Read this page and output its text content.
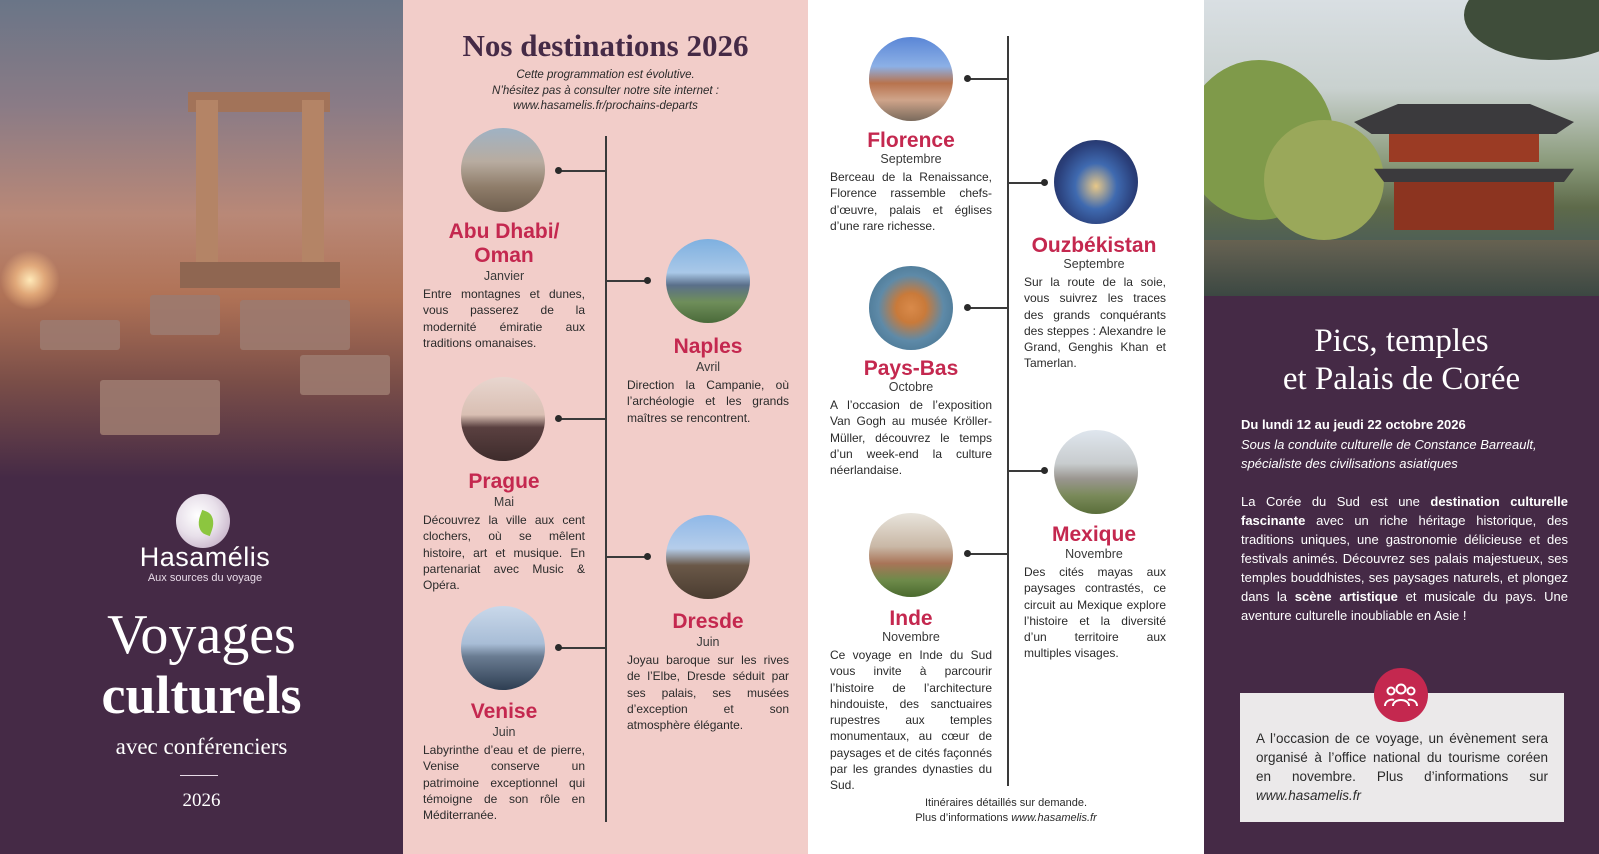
Hasamélis
Aux sources du voyage
Voyages
culturels
avec conférenciers
2026
Nos destinations 2026
Cette programmation est évolutive.
N’hésitez pas à consulter notre site internet :
www.hasamelis.fr/prochains-departs
Abu Dhabi/ Oman
Janvier
Entre montagnes et dunes, vous passerez de la modernité émiratie aux traditions omanaises.	Naples
Avril
Direction la Campanie, où l’archéologie et les grands maîtres se rencontrent.
Prague
Mai
Découvrez la ville aux cent clochers, où se mêlent histoire, art et musique. En partenariat avec Music & Opéra.
Dresde
Juin
Joyau baroque sur les rives de l’Elbe, Dresde séduit par ses palais, ses musées d’exception et son atmosphère élégante.
Venise
Juin
Labyrinthe d’eau et de pierre, Venise conserve un patrimoine exceptionnel qui témoigne de son rôle en Méditerranée.
Florence
Septembre
Berceau de la Renaissance, Florence rassemble chefs-d’œuvre, palais et églises d’une rare richesse.
Ouzbékistan
Septembre
Sur la route de la soie, vous suivrez les traces des grands conquérants des steppes : Alexandre le Grand, Genghis Khan et Tamerlan.
Pays-Bas
Octobre
A l’occasion de l’exposition Van Gogh au musée Kröller-Müller, découvrez le temps d’un week-end la culture néerlandaise.
Mexique
Novembre
Des cités mayas aux paysages contrastés, ce circuit au Mexique explore l’histoire et la diversité d’un territoire aux multiples visages.
Inde
Novembre
Ce voyage en Inde du Sud vous invite à parcourir l’histoire de l’architecture hindouiste, des sanctuaires rupestres aux temples monumentaux, au cœur de paysages et de cités façonnés par les grandes dynasties du Sud.
Itinéraires détaillés sur demande.
Plus d’informations www.hasamelis.fr
Pics, temples
et Palais de Corée
Du lundi 12 au jeudi 22 octobre 2026
Sous la conduite culturelle de Constance Barreault, spécialiste des civilisations asiatiques
La Corée du Sud est une destination culturelle fascinante avec un riche héritage historique, des traditions uniques, une gastronomie délicieuse et des festivals animés. Découvrez ses palais majestueux, ses temples bouddhistes, ses paysages naturels, et plongez dans la scène artistique et musicale du pays. Une aventure culturelle inoubliable en Asie !
A l’occasion de ce voyage, un évènement sera organisé à l’office national du tourisme coréen en novembre. Plus d’informations sur www.hasamelis.fr
